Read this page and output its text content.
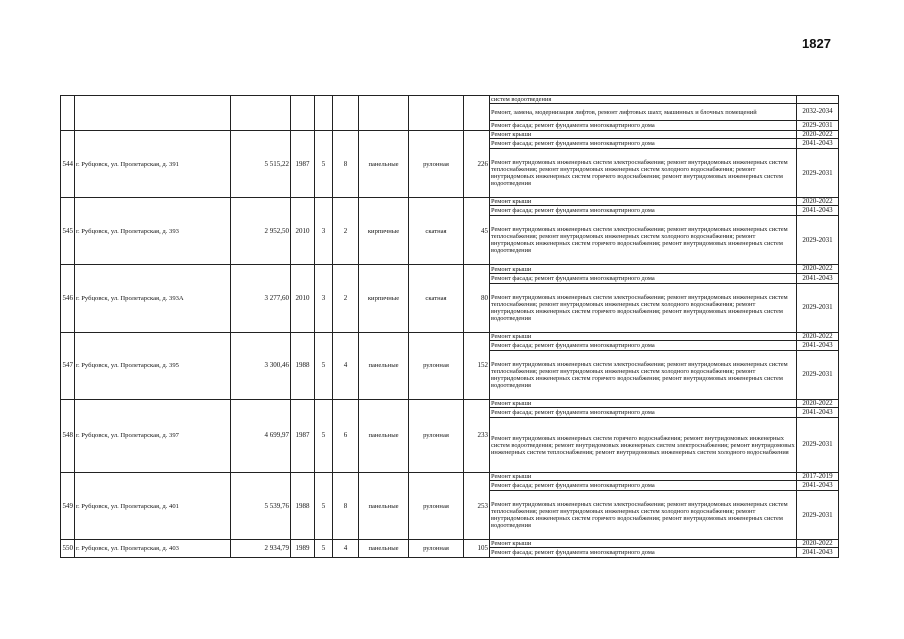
1827
									систем водоотведения	
									Ремонт, замена, модернизация лифтов, ремонт лифтовых шахт, машинных и блочных помещений	2032-2034
									Ремонт фасада; ремонт фундамента многоквартирного дома	2029-2031
544	г. Рубцовск, ул. Пролетарская, д. 391	5 515,22	1987	5	8	панельные	рулонная	226	Ремонт крыши	2020-2022
									Ремонт фасада; ремонт фундамента многоквартирного дома	2041-2043
									Ремонт внутридомовых инженерных систем электроснабжения; ремонт внутридомовых инженерных систем теплоснабжения; ремонт внутридомовых инженерных систем холодного водоснабжения; ремонт внутридомовых инженерных систем горячего водоснабжения; ремонт внутридомовых инженерных систем водоотведения	2029-2031
545	г. Рубцовск, ул. Пролетарская, д. 393	2 952,50	2010	3	2	кирпичные	скатная	45	Ремонт крыши	2020-2022
									Ремонт фасада; ремонт фундамента многоквартирного дома	2041-2043
									Ремонт внутридомовых инженерных систем электроснабжения; ремонт внутридомовых инженерных систем теплоснабжения; ремонт внутридомовых инженерных систем холодного водоснабжения; ремонт внутридомовых инженерных систем горячего водоснабжения; ремонт внутридомовых инженерных систем водоотведения	2029-2031
546	г. Рубцовск, ул. Пролетарская, д. 393А	3 277,60	2010	3	2	кирпичные	скатная	80	Ремонт крыши	2020-2022
									Ремонт фасада; ремонт фундамента многоквартирного дома	2041-2043
									Ремонт внутридомовых инженерных систем электроснабжения; ремонт внутридомовых инженерных систем теплоснабжения; ремонт внутридомовых инженерных систем холодного водоснабжения; ремонт внутридомовых инженерных систем горячего водоснабжения; ремонт внутридомовых инженерных систем водоотведения	2029-2031
547	г. Рубцовск, ул. Пролетарская, д. 395	3 300,46	1988	5	4	панельные	рулонная	152	Ремонт крыши	2020-2022
									Ремонт фасада; ремонт фундамента многоквартирного дома	2041-2043
									Ремонт внутридомовых инженерных систем электроснабжения; ремонт внутридомовых инженерных систем теплоснабжения; ремонт внутридомовых инженерных систем холодного водоснабжения; ремонт внутридомовых инженерных систем горячего водоснабжения; ремонт внутридомовых инженерных систем водоотведения	2029-2031
548	г. Рубцовск, ул. Пролетарская, д. 397	4 699,97	1987	5	6	панельные	рулонная	233	Ремонт крыши	2020-2022
									Ремонт фасада; ремонт фундамента многоквартирного дома	2041-2043
									Ремонт внутридомовых инженерных систем горячего водоснабжения; ремонт внутридомовых инженерных систем водоотведения; ремонт внутридомовых инженерных систем электроснабжения; ремонт внутридомовых инженерных систем теплоснабжения; ремонт внутридомовых инженерных систем холодного водоснабжения	2029-2031
549	г. Рубцовск, ул. Пролетарская, д. 401	5 539,76	1988	5	8	панельные	рулонная	253	Ремонт крыши	2017-2019
									Ремонт фасада; ремонт фундамента многоквартирного дома	2041-2043
									Ремонт внутридомовых инженерных систем электроснабжения; ремонт внутридомовых инженерных систем теплоснабжения; ремонт внутридомовых инженерных систем холодного водоснабжения; ремонт внутридомовых инженерных систем горячего водоснабжения; ремонт внутридомовых инженерных систем водоотведения	2029-2031
550	г. Рубцовск, ул. Пролетарская, д. 403	2 934,79	1989	5	4	панельные	рулонная	105	Ремонт крыши	2020-2022
									Ремонт фасада; ремонт фундамента многоквартирного дома	2041-2043
